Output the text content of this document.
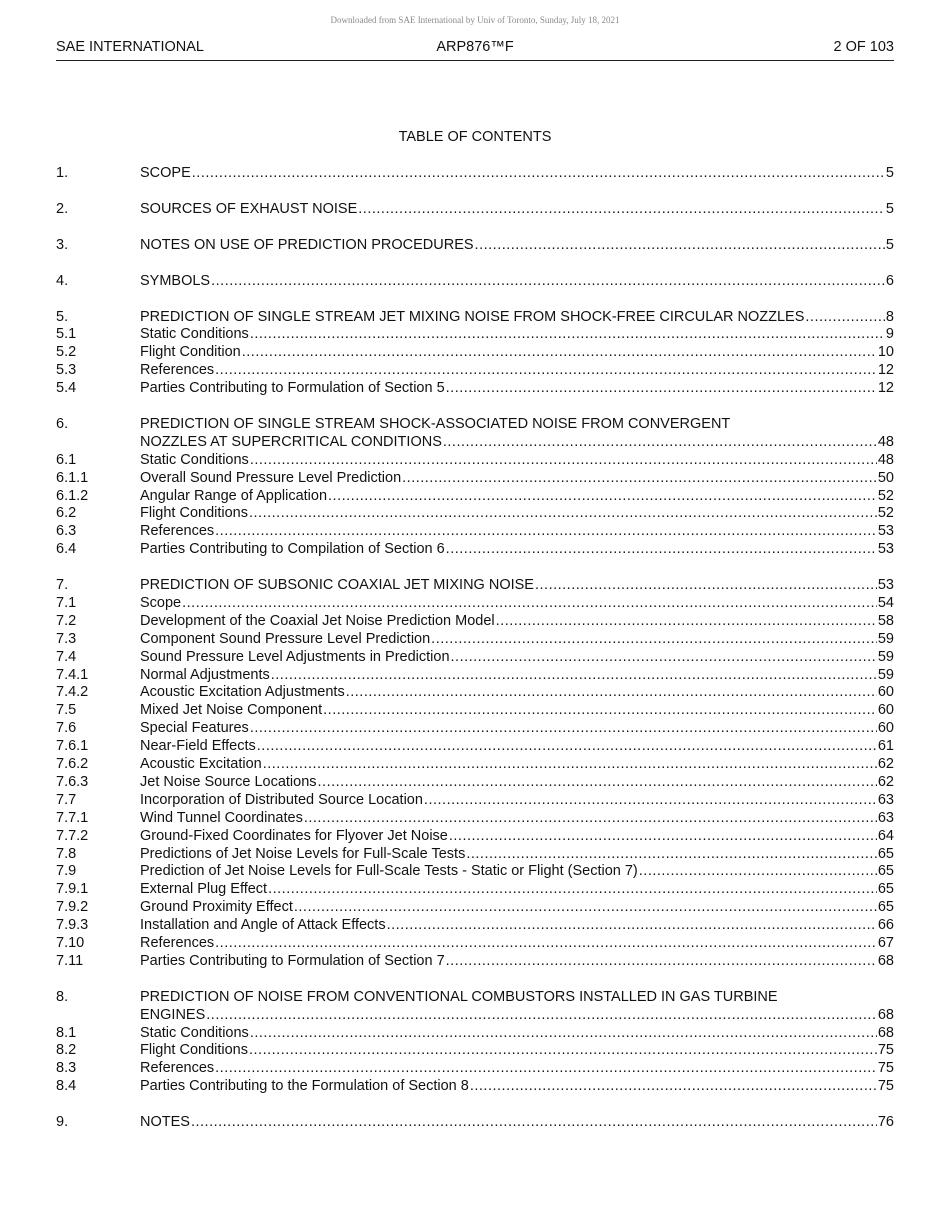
Downloaded from SAE International by Univ of Toronto, Sunday, July 18, 2021
SAE INTERNATIONAL	ARP876™F	2 OF 103
TABLE OF CONTENTS
1.	SCOPE .....	5
2.	SOURCES OF EXHAUST NOISE .....	5
3.	NOTES ON USE OF PREDICTION PROCEDURES .....	5
4.	SYMBOLS .....	6
5.	PREDICTION OF SINGLE STREAM JET MIXING NOISE FROM SHOCK-FREE CIRCULAR NOZZLES .....	8
5.1	Static Conditions .....	9
5.2	Flight Condition .....	10
5.3	References .....	12
5.4	Parties Contributing to Formulation of Section 5 .....	12
6.	PREDICTION OF SINGLE STREAM SHOCK-ASSOCIATED NOISE FROM CONVERGENT
NOZZLES AT SUPERCRITICAL CONDITIONS .....	48
6.1	Static Conditions .....	48
6.1.1	Overall Sound Pressure Level Prediction .....	50
6.1.2	Angular Range of Application .....	52
6.2	Flight Conditions .....	52
6.3	References .....	53
6.4	Parties Contributing to Compilation of Section 6 .....	53
7.	PREDICTION OF SUBSONIC COAXIAL JET MIXING NOISE .....	53
7.1	Scope .....	54
7.2	Development of the Coaxial Jet Noise Prediction Model .....	58
7.3	Component Sound Pressure Level Prediction .....	59
7.4	Sound Pressure Level Adjustments in Prediction .....	59
7.4.1	Normal Adjustments .....	59
7.4.2	Acoustic Excitation Adjustments .....	60
7.5	Mixed Jet Noise Component .....	60
7.6	Special Features .....	60
7.6.1	Near-Field Effects .....	61
7.6.2	Acoustic Excitation .....	62
7.6.3	Jet Noise Source Locations .....	62
7.7	Incorporation of Distributed Source Location .....	63
7.7.1	Wind Tunnel Coordinates .....	63
7.7.2	Ground-Fixed Coordinates for Flyover Jet Noise .....	64
7.8	Predictions of Jet Noise Levels for Full-Scale Tests .....	65
7.9	Prediction of Jet Noise Levels for Full-Scale Tests - Static or Flight (Section 7) .....	65
7.9.1	External Plug Effect .....	65
7.9.2	Ground Proximity Effect .....	65
7.9.3	Installation and Angle of Attack Effects .....	66
7.10	References .....	67
7.11	Parties Contributing to Formulation of Section 7 .....	68
8.	PREDICTION OF NOISE FROM CONVENTIONAL COMBUSTORS INSTALLED IN GAS TURBINE
ENGINES .....	68
8.1	Static Conditions .....	68
8.2	Flight Conditions .....	75
8.3	References .....	75
8.4	Parties Contributing to the Formulation of Section 8 .....	75
9.	NOTES .....	76
